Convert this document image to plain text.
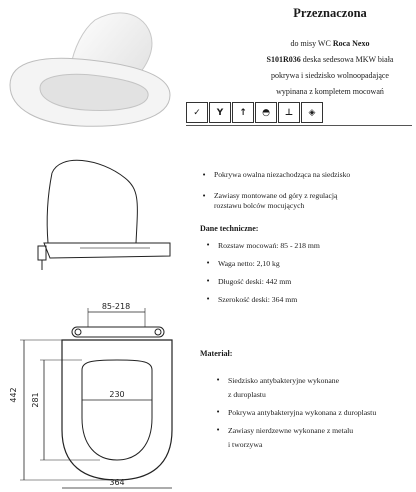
Przeznaczona
do misy WC Roca Nexo
S101R036 deska sedesowa MKW biała
pokrywa i siedzisko wolnoopadające
wypinana z kompletem mocowań
✓	Y	↑	◓	⊥	◈
• Pokrywa owalna niezachodząca na siedzisko
• Zawiasy montowane od góry z regulacją
rozstawu bolców mocujących
Dane techniczne:
• Rozstaw mocowań: 85 - 218 mm
• Waga netto: 2,10 kg
• Długość deski: 442 mm
• Szerokość deski: 364 mm
85-218
230
442 281
364
Materiał:
• Siedzisko antybakteryjne wykonane
z duroplastu
• Pokrywa antybakteryjna wykonana z duroplastu
• Zawiasy nierdzewne wykonane z metalu
i tworzywa
